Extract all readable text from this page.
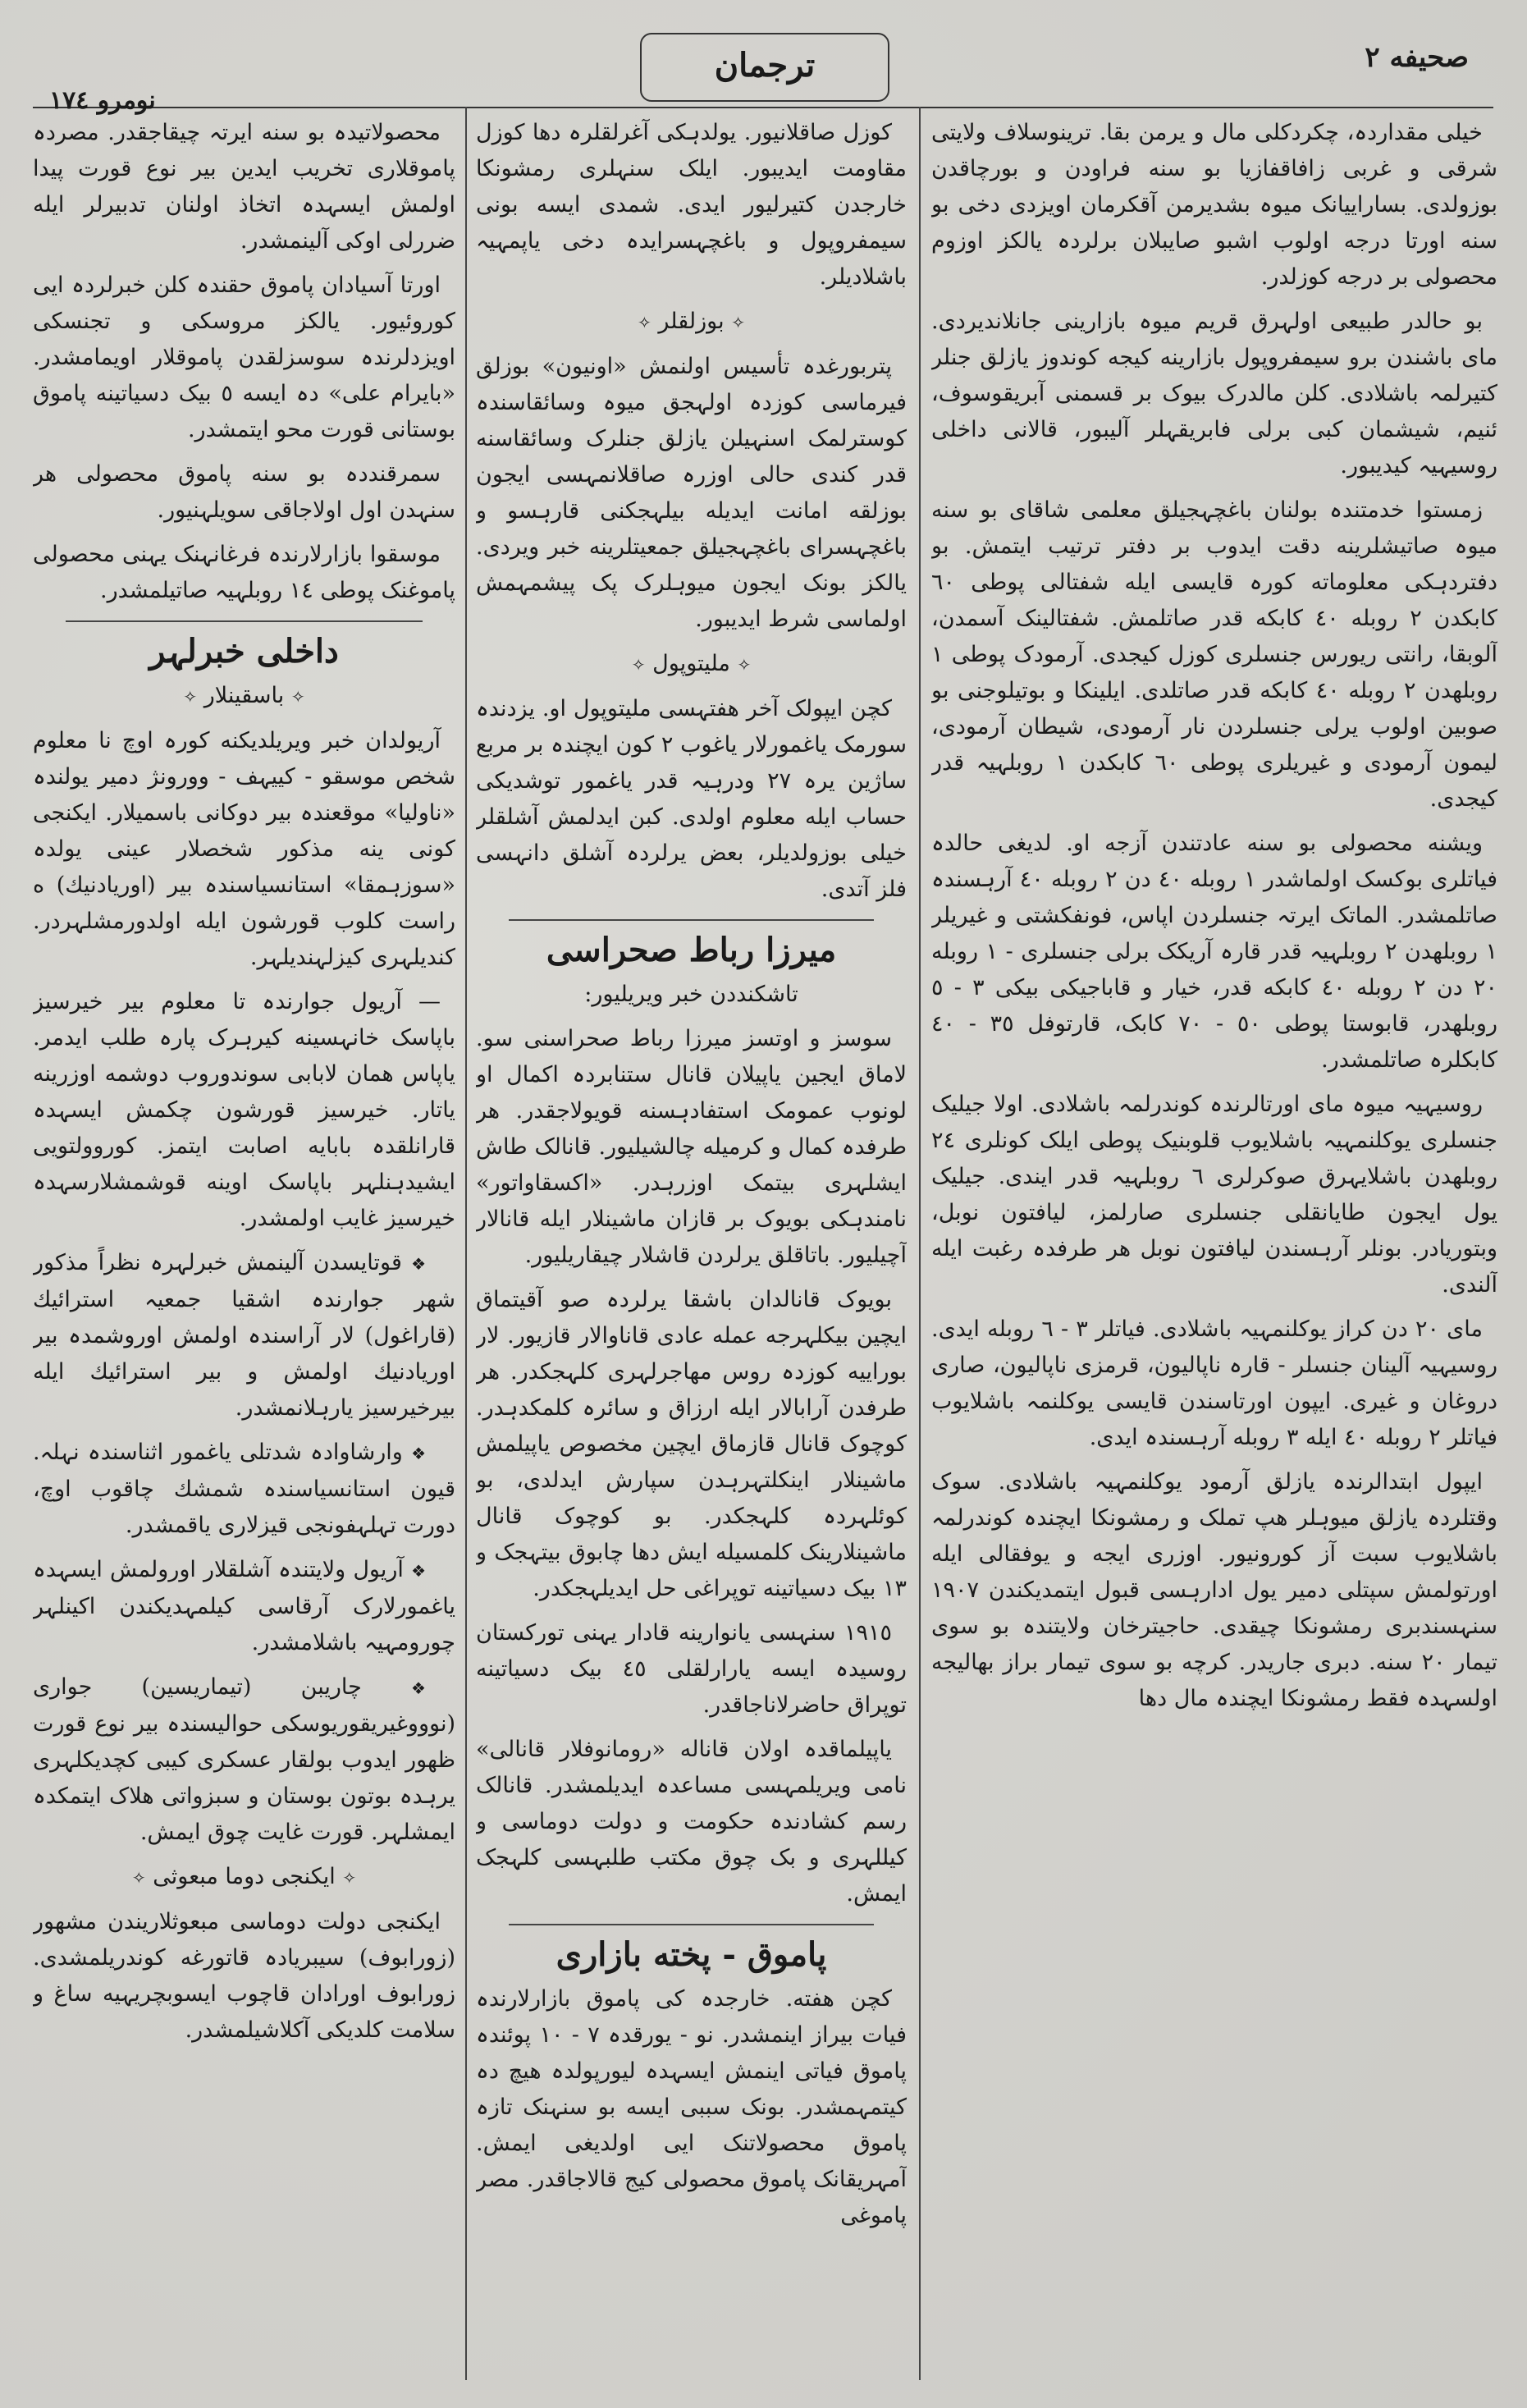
صحیفه ۲
ترجمان
نومرو ۱۷٤

خیلی مقداردہ، چکردکلی مال و یرمن بقا. ترینوسلاف ولایتی شرقی و غربی زافاقفازیا بو سنه فراودن و بورچاقدن بوزولدی. بساراییانک میوہ بشدیرمن آقکرمان اویزدی دخی بو سنه اورتا درجه اولوب اشبو صایبلان برلردہ یالکز اوزوم محصولی بر درجه کوزلدر.

بو حالدر طبیعی اولہرق قریم میوہ بازارینی جانلاندیردی. مای باشندن برو سیمفروپول بازارینه کیجه کوندوز یازلق جنلر کتیرلمہ باشلادی. کلن مالدرک بیوک بر قسمنی آبریقوسوف، ئنیم، شیشمان کبی برلی فابریقہلر آلیبور، قالانی داخلی روسیہیہ کیدیبور.

زمستوا خدمتندہ بولنان باغچہجیلق معلمی شاقای بو سنه میوہ صاتیشلرینه دقت ایدوب بر دفتر ترتیب ایتمش. بو دفتردہکی معلوماته کورہ قایسی ایله شفتالی پوطی ٦٠ کابکدن ۲ روبله ٤٠ کابکه قدر صاتلمش. شفتالینک آسمدن، آلوبقا، رانتی ریورس جنسلری کوزل کیجدی. آرمودک پوطی ۱ روبلهدن ۲ روبله ٤٠ کابکه قدر صاتلدی. ایلینکا و بوتیلوجنی بو صوبین اولوب یرلی جنسلردن نار آرمودی، شیطان آرمودی، لیمون آرمودی و غیریلری پوطی ٦٠ کابکدن ۱ روبلہیہ قدر کیجدی.

ویشنه محصولی بو سنه عادتندن آزجه او. لدیغی حالدہ فیاتلری بوکسک اولماشدر ۱ روبله ٤٠ دن ۲ روبله ٤٠ آرہسندہ صاتلمشدر. الماتک ایرتہ جنسلردن اپاس، فونفکشتی و غیریلر ۱ روبلهدن ۲ روبلہیہ قدر قارہ آریکک برلی جنسلری - ۱ روبله ۲۰ دن ۲ روبله ٤٠ کابکه قدر، خیار و قاباجیکی بیکی ۳ - ٥ روبلهدر، قابوستا پوطی ٥٠ - ۷٠ کابک، قارتوفل ۳٥ - ٤٠ کابکلرہ صاتلمشدر.

روسیہیہ میوہ مای اورتالرندہ کوندرلمہ باشلادی. اولا جیلیک جنسلری یوکلنمہیہ باشلایوب قلوبنیک پوطی ایلک کونلری ۲٤ روبلهدن باشلایہرق صوکرلری ٦ روبلہیہ قدر ایندی. جیلیک یول ایجون طایانقلی جنسلری صارلمز، لیافتون نوبل، وبتوریادر. بونلر آرہسندن لیافتون نوبل هر طرفدہ رغبت ایله آلندی.

مای ۲۰ دن کراز یوکلنمہیہ باشلادی. فیاتلر ۳ - ٦ روبله ایدی. روسیہیہ آلینان جنسلر - قارہ ناپالیون، قرمزی ناپالیون، صاری دروغان و غیری. ایپون اورتاسندن قایسی یوکلنمہ باشلایوب فیاتلر ۲ روبله ٤٠ ایله ۳ روبله آرہسندہ ایدی.

ایپول ابتدالرندہ یازلق آرمود یوکلنمہیہ باشلادی. سوک وقتلردہ یازلق میوہلر هپ تملک و رمشونکا ایچندہ کوندرلمہ باشلایوب سبت آز کورونیور. اوزری ایجه و یوفقالی ایله اورتولمش سپتلی دمیر یول ادارہسی قبول ایتمدیکندن ۱۹۰۷ سنہسندبری رمشونکا چیقدی. حاجیترخان ولایتندہ بو سوی تیمار ۲۰ سنه. دبری جاریدر. کرچه بو سوی تیمار براز بهالیجه اولسہدہ فقط رمشونکا ایچندہ مال دها

کوزل صاقلانیور. یولدہکی آغرلقلرہ دها کوزل مقاومت ایدیبور. ایلک سنہلری رمشونکا خارجدن کتیرلیور ایدی. شمدی ایسه بونی سیمفروپول و باغچہسرایدہ دخی یاپمہیہ باشلادیلر.

✧ بوزلقلر ✧

پتربورغدہ تأسیس اولنمش «اونیون» بوزلق فیرماسی کوزدہ اولہجق میوہ وسائقاسندہ کوسترلمک اسنہیلن یازلق جنلرک وسائقاسنه قدر کندی حالی اوزرہ صاقلانمہسی ایجون بوزلقه امانت ایدیله بیلہجکنی قارہسو و باغچہسرای باغچہجیلق جمعیتلرینه خبر ویردی. یالکز بونک ایجون میوہلرک پک پیشمہمش اولماسی شرط ایدیبور.

✧ ملیتوپول ✧

کچن ایپولک آخر هفتہسی ملیتوپول او. یزدندہ سورمک یاغمورلار یاغوب ۲ کون ایچندہ بر مربع ساژین یرہ ۲۷ ودرہیہ قدر یاغمور توشدیکی حساب ایله معلوم اولدی. کبن ایدلمش آشلقلر خیلی بوزولدیلر، بعض یرلردہ آشلق دانہسی فلز آتدی.

میرزا رباط صحراسی

تاشکنددن خبر ویریلیور:

سوسز و اوتسز میرزا رباط صحراسنی سو. لاماق ایجین یاپیلان قانال ستنابردہ اکمال او لونوب عمومک استفادہسنه قویولاجقدر. هر طرفدہ کمال و کرمیله چالشیلیور. قانالک طاش ایشلہری بیتمک اوزرہدر. «اکسقاواتور» نامندہکی بویوک بر قازان ماشینلار ایله قانالار آچیلیور. باتاقلق یرلردن قاشلار چیقاریلیور.

بویوک قانالدان باشقا یرلردہ صو آقیتماق ایچین بیکلہرجه عمله عادی قاناوالار قازیور. لار بوراییه کوزدہ روس مهاجرلہری کلہجکدر. هر طرفدن آرابالار ایله ارزاق و سائرہ کلمکدہدر. کوچوک قانال قازماق ایچین مخصوص یاپیلمش ماشینلار اینکلتہرہدن سپارش ایدلدی، بو کوئلہردہ کلہجکدر. بو کوچوک قانال ماشینلارینک کلمسیله ایش دها چابوق بیتہجک و ۱۳ بیک دسیاتینه توپراغی حل ایدیلہجکدر.

۱۹۱٥ سنہسی یانوارینه قادار یہنی توركستان روسیدہ ایسه یارارلقلی ٤٥ بیک دسیاتینه توپراق حاضرلاناجاقدر.

یاپیلماقدہ اولان قاناله «رومانوفلار قانالی» نامی ویریلمہسی مساعدہ ایدیلمشدر. قانالک رسم کشادندہ حکومت و دولت دوماسی و کیللہری و بک چوق مکتب طلبہسی کلہجک ایمش.

پاموق - پخته بازاری

کچن هفته. خارجدہ کی پاموق بازارلارندہ فیات بیراز اینمشدر. نو - یورقدہ ۷ - ۱۰ پوئندہ پاموق فیاتی اینمش ایسہدہ لیورپولدہ هیچ دہ کیتمہمشدر. بونک سببی ایسه بو سنہنک تازہ پاموق محصولاتنک ایی اولدیغی ایمش. آمہریقانک پاموق محصولی کیج قالاجاقدر. مصر پاموغی

محصولاتیدہ بو سنه ایرتہ چیقاجقدر. مصردہ پاموقلاری تخریب ایدین بیر نوع قورت پیدا اولمش ایسہدہ اتخاذ اولنان تدبیرلر ایله ضررلی اوکی آلینمشدر.

اورتا آسیادان پاموق حقندہ کلن خبرلردہ ایی کوروئیور. یالکز مروسکی و تجنسکی اویزدلرندہ سوسزلقدن پاموقلار اویمامشدر. «بایرام علی» دہ ایسه ٥ بیک دسیاتینه پاموق بوستانی قورت محو ایتمشدر.

سمرقنددہ بو سنه پاموق محصولی هر سنہدن اول اولاجاقی سویلہنیور.

موسقوا بازارلارندہ فرغانہنک یہنی محصولی پاموغنک پوطی ۱٤ روبلہیہ صاتیلمشدر.

داخلی خبرلہر

✧ باسقینلار ✧

آریولدان خبر ویریلدیکنه کورہ اوچ نا معلوم شخص موسقو - کییہف - وورونژ دمیر یولندہ «ناولیا» موقعندہ بیر دوکانی باسمیلار. ایکنجی کونی ینه مذکور شخصلار عینی یولدہ «سوزہمقا» استانسیاسندہ بیر (اوریادنیك) ه راست کلوب قورشون ایله اولدورمشلہردر. کندیلہری کیزلہندیلہر.

— آریول جوارندہ تا معلوم بیر خیرسیز باپاسک خانہسینه کیرہرک پارہ طلب ایدمر. یاپاس همان لابابی سوندوروب دوشمه اوزرینه یاتار. خیرسیز قورشون چکمش ایسہدہ قارانلقدہ بابایه اصابت ایتمز. کوروولتویی ایشیدہنلہر باپاسک اوینه قوشمشلارسہدہ خیرسیز غایب اولمشدر.

❖ قوتایسدن آلینمش خبرلہرہ نظراً مذکور شهر جوارندہ اشقیا جمعیہ استرائیك (قاراغول) لار آراسندہ اولمش اوروشمدہ بیر اوریادنیك اولمش و بیر استرائیك ایله بیرخیرسیز یارہلانمشدر.

❖ وارشاوادہ شدتلی یاغمور اثناسندہ نہلہ. قیون استانسیاسندہ شمشك چاقوب اوچ، دورت تہلہفونجی قیزلاری یاقمشدر.

❖ آریول ولایتندہ آشلقلار اورولمش ایسہدہ یاغمورلارک آرقاسی کیلمہدیکندن اکینلہر چورومہیہ باشلامشدر.

❖ چاریبن (تیماریسین) جواری (نوووغیریقوریوسکی حوالیسندہ بیر نوع قورت ظهور ایدوب بولقار عسکری کیبی کچدیکلہری یرہدہ بوتون بوستان و سبزواتی هلاک ایتمکدہ ایمشلہر. قورت غایت چوق ایمش.

✧ ایکنجی دوما مبعوثی ✧

ایکنجی دولت دوماسی مبعوثلاریندن مشهور (زورابوف) سیبریادہ قاتورغه کوندریلمشدی. زورابوف اورادان قاچوب ایسوبچریہیه ساغ و سلامت کلدیکی آکلاشیلمشدر.
